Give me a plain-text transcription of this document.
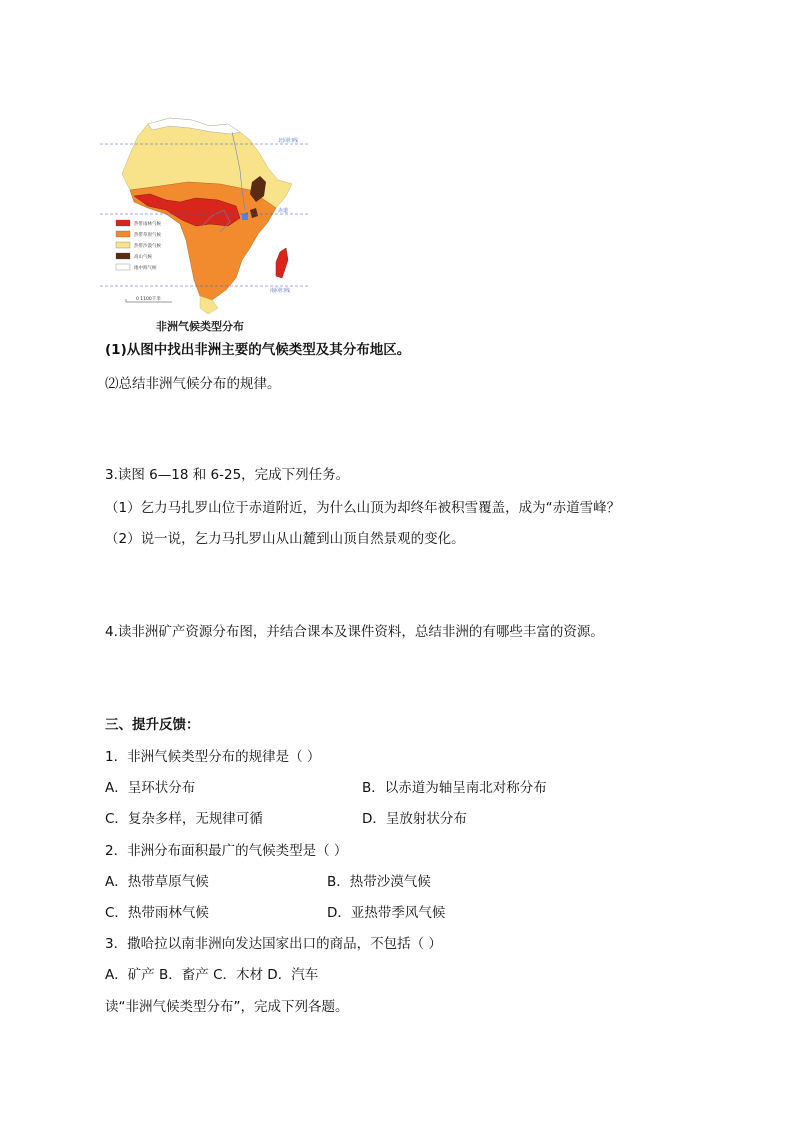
北回归线
赤道
南回归线
热带雨林气候
热带草原气候
热带沙漠气候
高山气候
地中海气候
0 1100千米
非洲气候类型分布
(1)从图中找出非洲主要的气候类型及其分布地区。
⑵总结非洲气候分布的规律。
3.读图 6—18 和 6-25，完成下列任务。
（1）乞力马扎罗山位于赤道附近，为什么山顶为却终年被积雪覆盖，成为“赤道雪峰？
（2）说一说，乞力马扎罗山从山麓到山顶自然景观的变化。
4.读非洲矿产资源分布图，并结合课本及课件资料，总结非洲的有哪些丰富的资源。
三、提升反馈：
1．非洲气候类型分布的规律是（ ）
A．呈环状分布	B．以赤道为轴呈南北对称分布
C．复杂多样，无规律可循	D．呈放射状分布
2．非洲分布面积最广的气候类型是（ ）
A．热带草原气候	B．热带沙漠气候
C．热带雨林气候	D．亚热带季风气候
3．撒哈拉以南非洲向发达国家出口的商品，不包括（ ）
A．矿产 B．畜产 C．木材 D．汽车
读“非洲气候类型分布”，完成下列各题。
